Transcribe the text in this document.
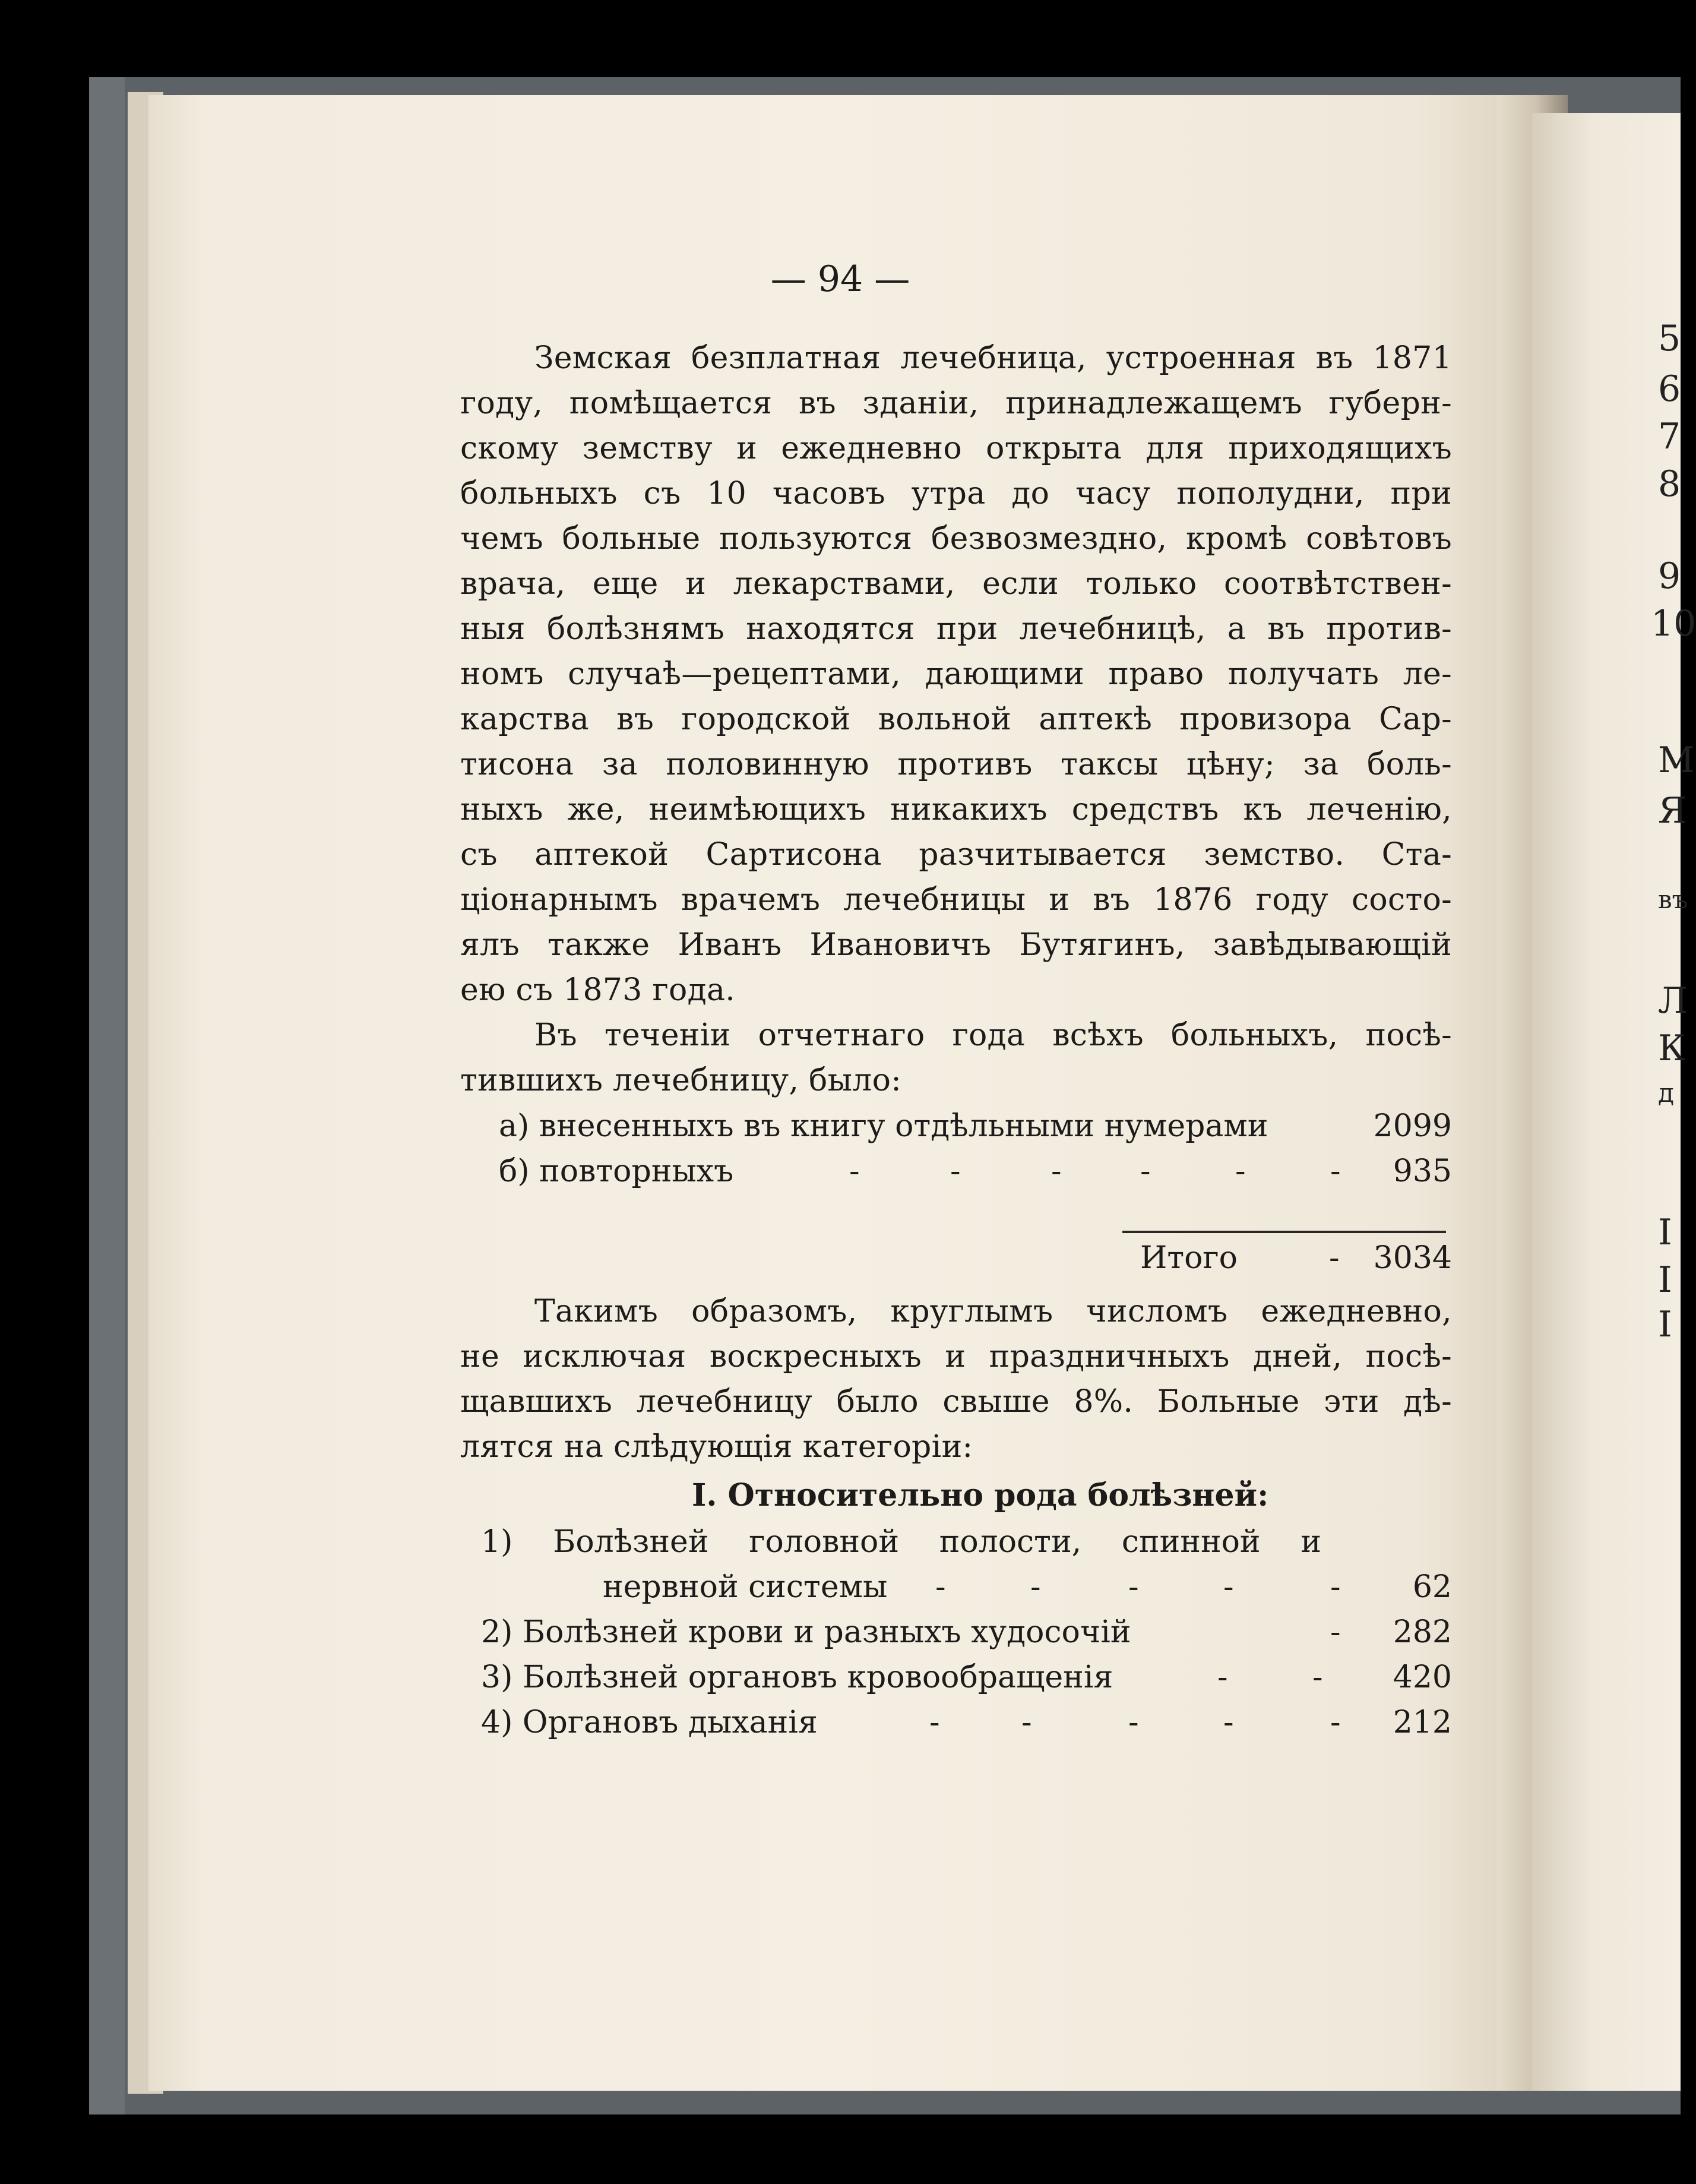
5
6
7
8
9
10
М
Я
въ
Л
К
д
I
I
I
— 94 —
Земская безплатная лечебница, устроенная въ 1871
году, помѣщается въ зданіи, принадлежащемъ губерн-
скому земству и ежедневно открыта для приходящихъ
больныхъ съ 10 часовъ утра до часу пополудни, при
чемъ больные пользуются безвозмездно, кромѣ совѣтовъ
врача, еще и лекарствами, если только соотвѣтствен-
ныя болѣзнямъ находятся при лечебницѣ, а въ против-
номъ случаѣ—рецептами, дающими право получать ле-
карства въ городской вольной аптекѣ провизора Сар-
тисона за половинную противъ таксы цѣну; за боль-
ныхъ же, неимѣющихъ никакихъ средствъ къ леченію,
съ аптекой Сартисона разчитывается земство. Ста-
ціонарнымъ врачемъ лечебницы и въ 1876 году состо-
ялъ также Иванъ Ивановичъ Бутягинъ, завѣдывающій
ею съ 1873 года.
Въ теченіи отчетнаго года всѣхъ больныхъ, посѣ-
тившихъ лечебницу, было:
а) внесенныхъ въ книгу отдѣльными нумерами	2099
б) повторныхъ	-	-	-	-	-	- 935
Итого	- 3034
Такимъ образомъ, круглымъ числомъ ежедневно,
не исключая воскресныхъ и праздничныхъ дней, посѣ-
щавшихъ лечебницу было свыше 8%. Больные эти дѣ-
лятся на слѣдующія категоріи:
I. Относительно рода болѣзней:
1) Болѣзней головной полости, спинной и
нервной системы -	-	-	-	- 62
2) Болѣзней крови и разныхъ худосочій	- 282
3) Болѣзней органовъ кровообращенія	-	- 420
4) Органовъ дыханія	-	-	-	-	- 212
